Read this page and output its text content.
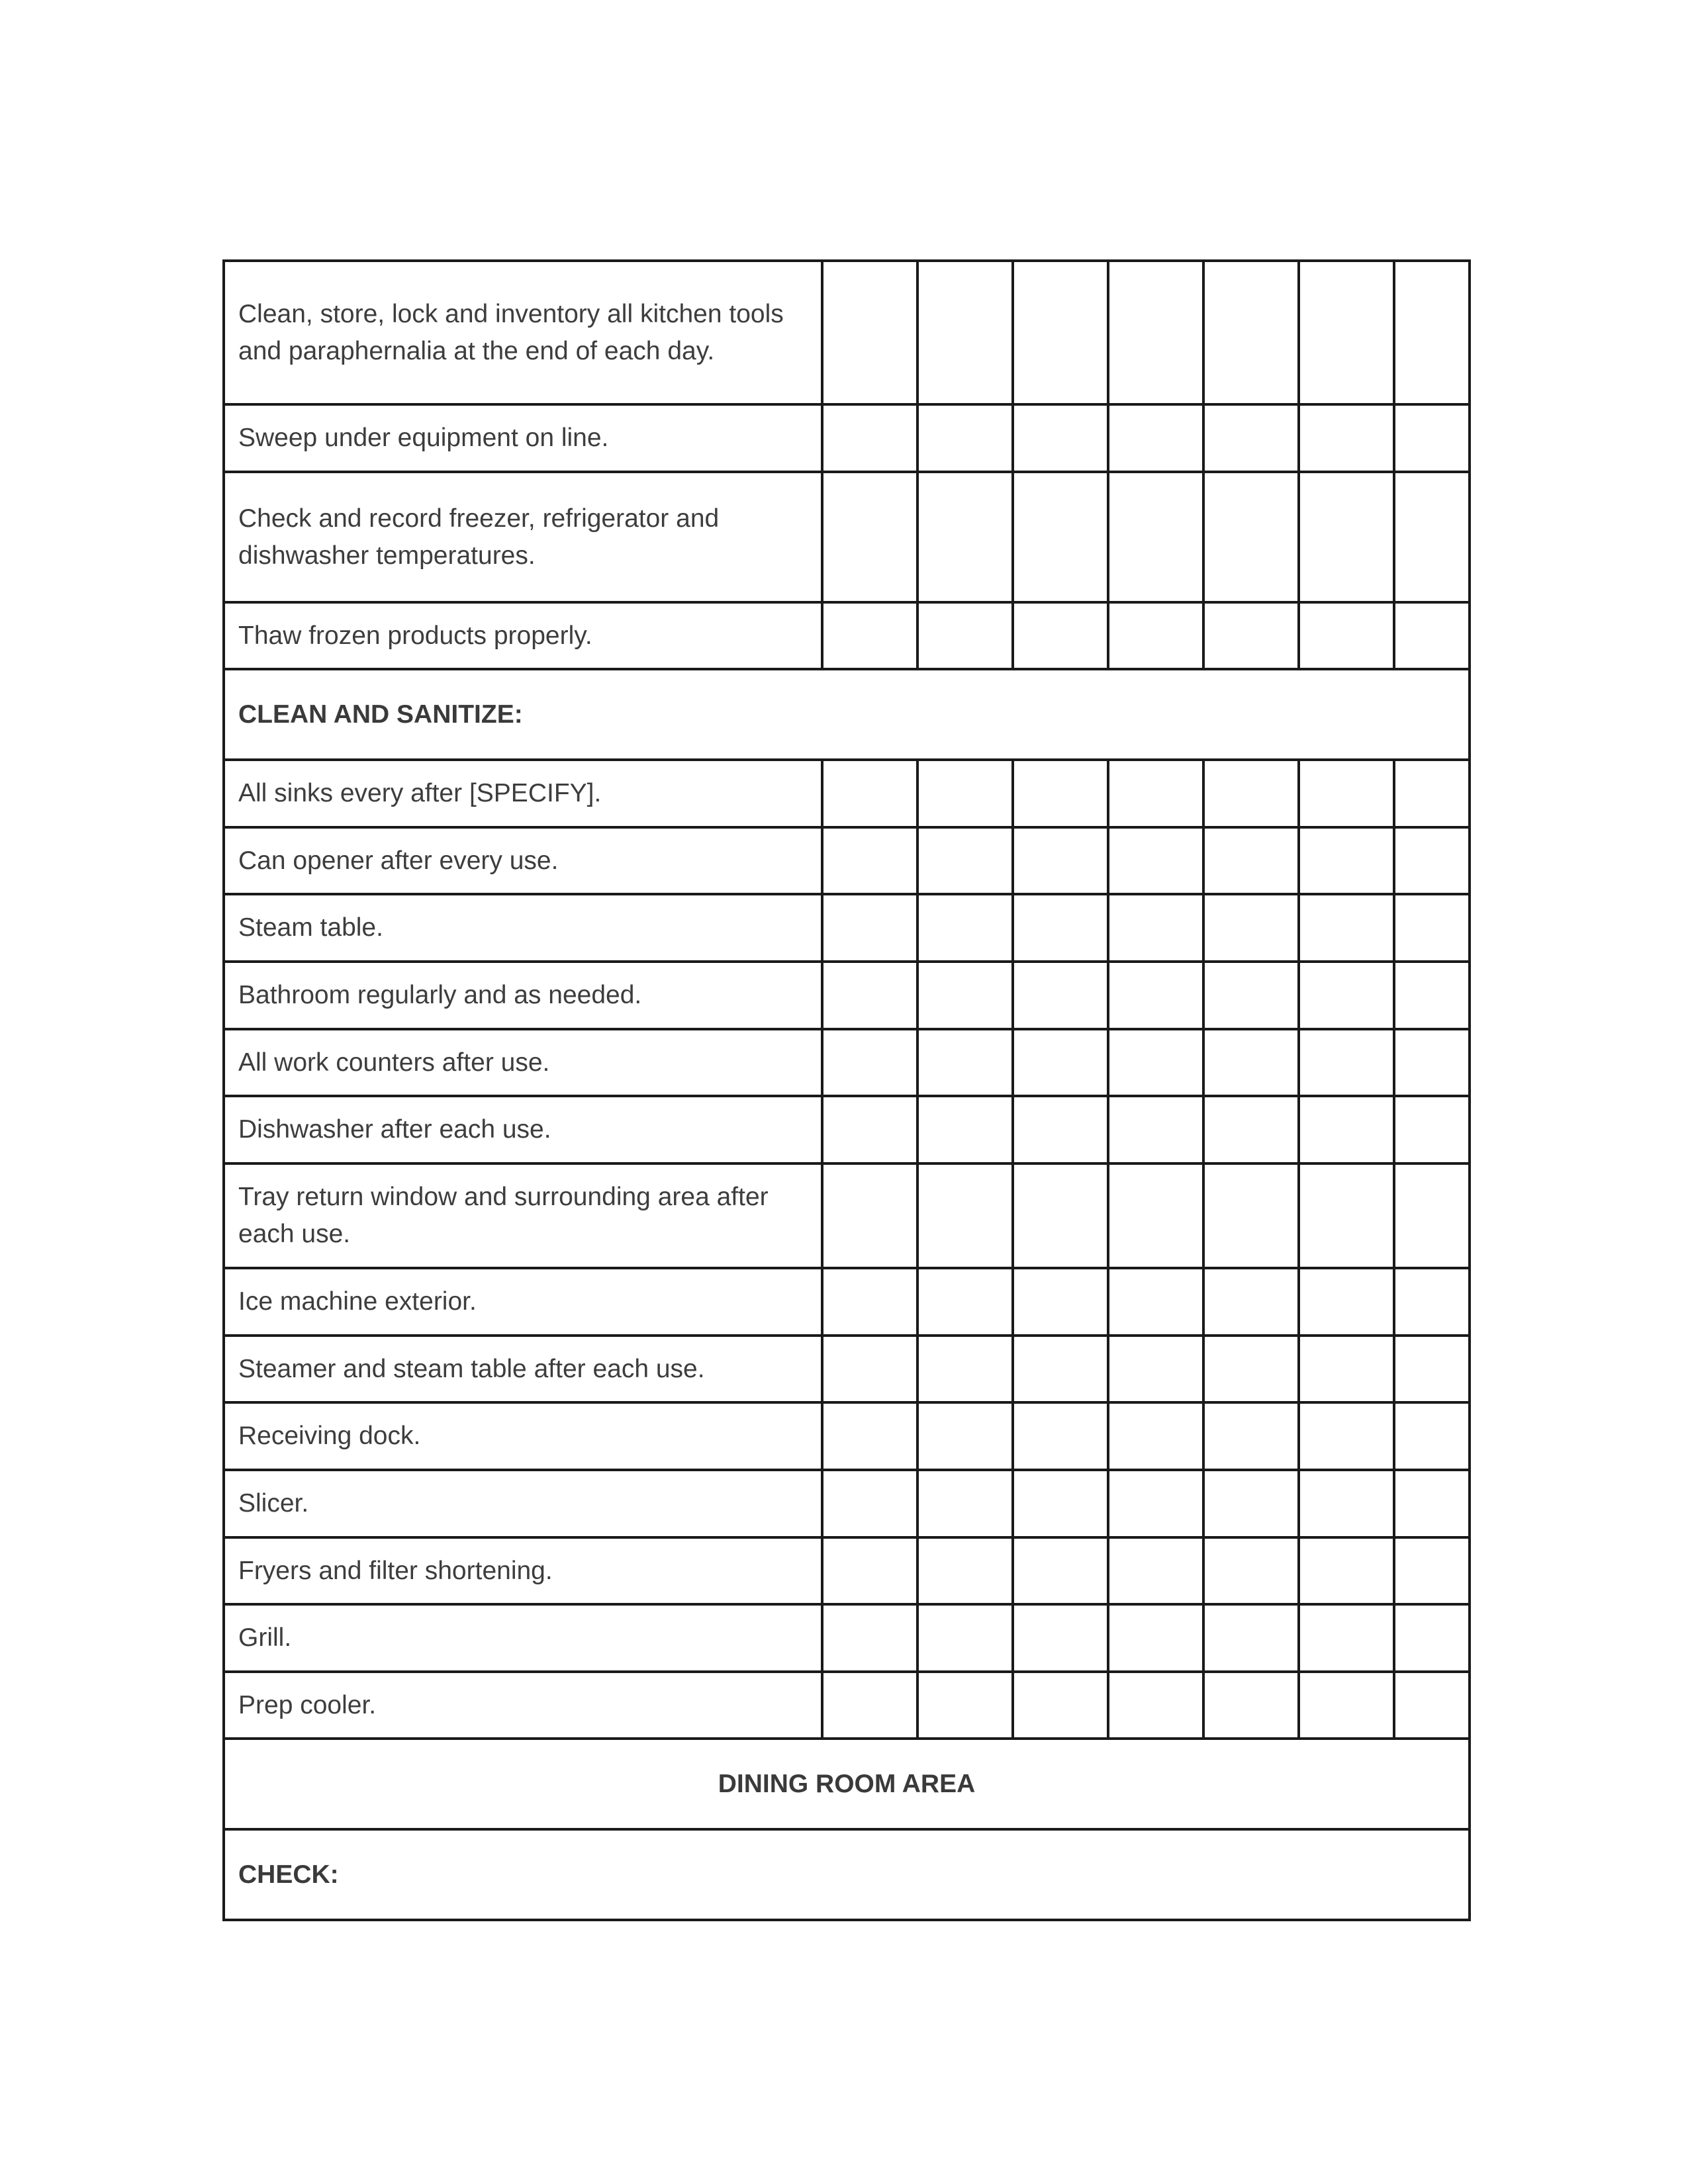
Clean, store, lock and inventory all kitchen tools and paraphernalia at the end of each day.							
Sweep under equipment on line.							
Check and record freezer, refrigerator and dishwasher temperatures.							
Thaw frozen products properly.							
CLEAN AND SANITIZE:							
All sinks every after [SPECIFY].							
Can opener after every use.							
Steam table.							
Bathroom regularly and as needed.							
All work counters after use.							
Dishwasher after each use.							
Tray return window and surrounding area after each use.							
Ice machine exterior.							
Steamer and steam table after each use.							
Receiving dock.							
Slicer.							
Fryers and filter shortening.							
Grill.							
Prep cooler.							
DINING ROOM AREA							
CHECK:							
